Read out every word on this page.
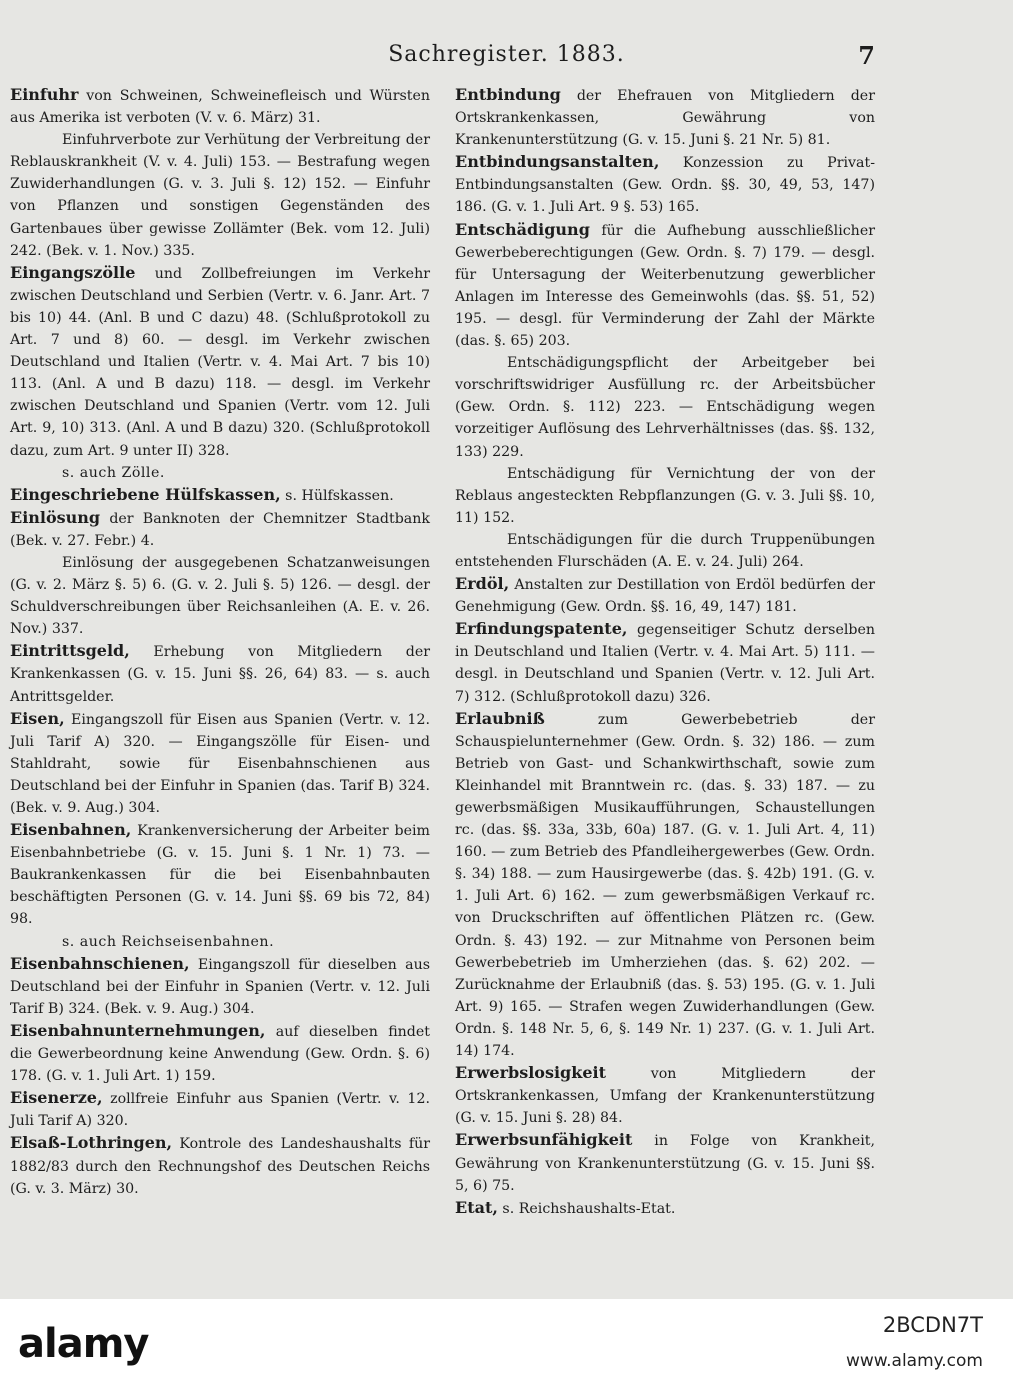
Sachregister. 1883.	7
Einfuhr von Schweinen, Schweinefleisch und Würsten aus Amerika ist verboten (V. v. 6. März) 31.
Einfuhrverbote zur Verhütung der Verbreitung der Reblauskrankheit (V. v. 4. Juli) 153. — Bestrafung wegen Zuwiderhandlungen (G. v. 3. Juli §. 12) 152. — Einfuhr von Pflanzen und sonstigen Gegenständen des Gartenbaues über gewisse Zollämter (Bek. vom 12. Juli) 242. (Bek. v. 1. Nov.) 335.
Eingangszölle und Zollbefreiungen im Verkehr zwischen Deutschland und Serbien (Vertr. v. 6. Janr. Art. 7 bis 10) 44. (Anl. B und C dazu) 48. (Schlußprotokoll zu Art. 7 und 8) 60. — desgl. im Verkehr zwischen Deutschland und Italien (Vertr. v. 4. Mai Art. 7 bis 10) 113. (Anl. A und B dazu) 118. — desgl. im Verkehr zwischen Deutschland und Spanien (Vertr. vom 12. Juli Art. 9, 10) 313. (Anl. A und B dazu) 320. (Schlußprotokoll dazu, zum Art. 9 unter II) 328.
s. auch Zölle.
Eingeschriebene Hülfskassen, s. Hülfskassen.
Einlösung der Banknoten der Chemnitzer Stadtbank (Bek. v. 27. Febr.) 4.
Einlösung der ausgegebenen Schatzanweisungen (G. v. 2. März §. 5) 6. (G. v. 2. Juli §. 5) 126. — desgl. der Schuldverschreibungen über Reichsanleihen (A. E. v. 26. Nov.) 337.
Eintrittsgeld, Erhebung von Mitgliedern der Krankenkassen (G. v. 15. Juni §§. 26, 64) 83. — s. auch Antrittsgelder.
Eisen, Eingangszoll für Eisen aus Spanien (Vertr. v. 12. Juli Tarif A) 320. — Eingangszölle für Eisen- und Stahldraht, sowie für Eisenbahnschienen aus Deutschland bei der Einfuhr in Spanien (das. Tarif B) 324. (Bek. v. 9. Aug.) 304.
Eisenbahnen, Krankenversicherung der Arbeiter beim Eisenbahnbetriebe (G. v. 15. Juni §. 1 Nr. 1) 73. — Baukrankenkassen für die bei Eisenbahnbauten beschäftigten Personen (G. v. 14. Juni §§. 69 bis 72, 84) 98.
s. auch Reichseisenbahnen.
Eisenbahnschienen, Eingangszoll für dieselben aus Deutschland bei der Einfuhr in Spanien (Vertr. v. 12. Juli Tarif B) 324. (Bek. v. 9. Aug.) 304.
Eisenbahnunternehmungen, auf dieselben findet die Gewerbeordnung keine Anwendung (Gew. Ordn. §. 6) 178. (G. v. 1. Juli Art. 1) 159.
Eisenerze, zollfreie Einfuhr aus Spanien (Vertr. v. 12. Juli Tarif A) 320.
Elsaß-Lothringen, Kontrole des Landeshaushalts für 1882/83 durch den Rechnungshof des Deutschen Reichs (G. v. 3. März) 30.
Entbindung der Ehefrauen von Mitgliedern der Ortskrankenkassen, Gewährung von Krankenunterstützung (G. v. 15. Juni §. 21 Nr. 5) 81.
Entbindungsanstalten, Konzession zu Privat-Entbindungsanstalten (Gew. Ordn. §§. 30, 49, 53, 147) 186. (G. v. 1. Juli Art. 9 §. 53) 165.
Entschädigung für die Aufhebung ausschließlicher Gewerbeberechtigungen (Gew. Ordn. §. 7) 179. — desgl. für Untersagung der Weiterbenutzung gewerblicher Anlagen im Interesse des Gemeinwohls (das. §§. 51, 52) 195. — desgl. für Verminderung der Zahl der Märkte (das. §. 65) 203.
Entschädigungspflicht der Arbeitgeber bei vorschriftswidriger Ausfüllung rc. der Arbeitsbücher (Gew. Ordn. §. 112) 223. — Entschädigung wegen vorzeitiger Auflösung des Lehrverhältnisses (das. §§. 132, 133) 229.
Entschädigung für Vernichtung der von der Reblaus angesteckten Rebpflanzungen (G. v. 3. Juli §§. 10, 11) 152.
Entschädigungen für die durch Truppenübungen entstehenden Flurschäden (A. E. v. 24. Juli) 264.
Erdöl, Anstalten zur Destillation von Erdöl bedürfen der Genehmigung (Gew. Ordn. §§. 16, 49, 147) 181.
Erfindungspatente, gegenseitiger Schutz derselben in Deutschland und Italien (Vertr. v. 4. Mai Art. 5) 111. — desgl. in Deutschland und Spanien (Vertr. v. 12. Juli Art. 7) 312. (Schlußprotokoll dazu) 326.
Erlaubniß zum Gewerbebetrieb der Schauspielunternehmer (Gew. Ordn. §. 32) 186. — zum Betrieb von Gast- und Schankwirthschaft, sowie zum Kleinhandel mit Branntwein rc. (das. §. 33) 187. — zu gewerbsmäßigen Musikaufführungen, Schaustellungen rc. (das. §§. 33a, 33b, 60a) 187. (G. v. 1. Juli Art. 4, 11) 160. — zum Betrieb des Pfandleihergewerbes (Gew. Ordn. §. 34) 188. — zum Hausirgewerbe (das. §. 42b) 191. (G. v. 1. Juli Art. 6) 162. — zum gewerbsmäßigen Verkauf rc. von Druckschriften auf öffentlichen Plätzen rc. (Gew. Ordn. §. 43) 192. — zur Mitnahme von Personen beim Gewerbebetrieb im Umherziehen (das. §. 62) 202. — Zurücknahme der Erlaubniß (das. §. 53) 195. (G. v. 1. Juli Art. 9) 165. — Strafen wegen Zuwiderhandlungen (Gew. Ordn. §. 148 Nr. 5, 6, §. 149 Nr. 1) 237. (G. v. 1. Juli Art. 14) 174.
Erwerbslosigkeit von Mitgliedern der Ortskrankenkassen, Umfang der Krankenunterstützung (G. v. 15. Juni §. 28) 84.
Erwerbsunfähigkeit in Folge von Krankheit, Gewährung von Krankenunterstützung (G. v. 15. Juni §§. 5, 6) 75.
Etat, s. Reichshaushalts-Etat.
alamy	2BCDN7T
www.alamy.com
